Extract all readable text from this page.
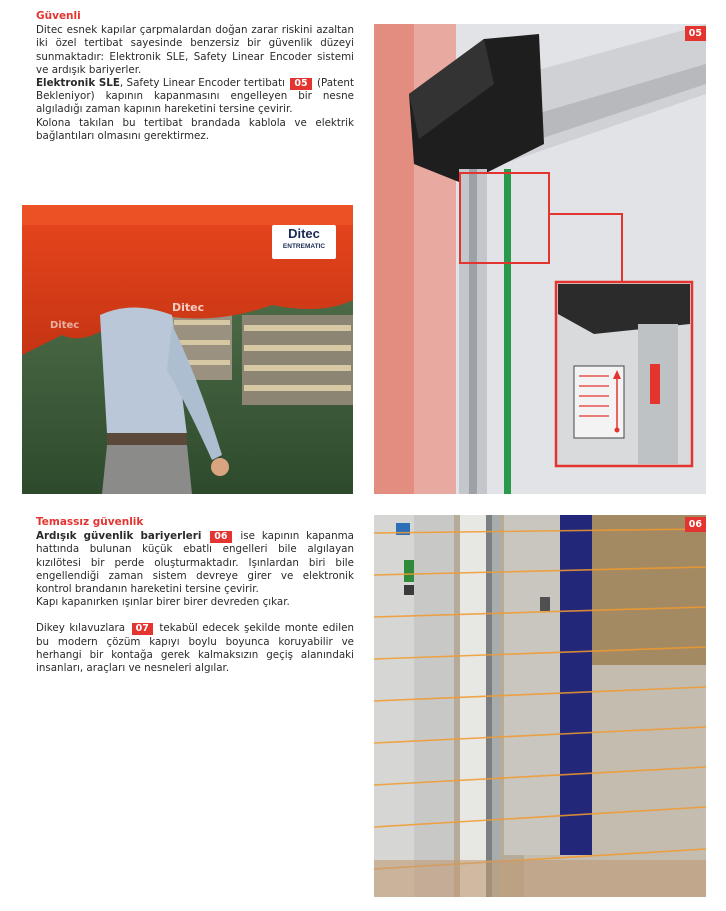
Güvenli

Ditec esnek kapılar çarpmalardan doğan zarar riskini azaltan iki özel tertibat sayesinde benzersiz bir güvenlik düzeyi sunmaktadır: Elektronik SLE, Safety Linear Encoder sistemi ve ardışık bariyerler.

Elektronik SLE, Safety Linear Encoder tertibatı 05 (Patent Bekleniyor) kapının kapanmasını engelleyen bir nesne algıladığı zaman kapının hareketini tersine çevirir.

Kolona takılan bu tertibat brandada kablola ve elektrik bağlantıları olmasını gerektirmez.

Ditec
ENTREMATIC
Ditec
Ditec
05
Temassız güvenlik

Ardışık güvenlik bariyerleri 06 ise kapının kapanma hattında bulunan küçük ebatlı engelleri bile algılayan kızılötesi bir perde oluşturmaktadır. Işınlardan biri bile engellendiği zaman sistem devreye girer ve elektronik kontrol brandanın hareketini tersine çevirir.

Kapı kapanırken ışınlar birer birer devreden çıkar.

Dikey kılavuzlara 07 tekabül edecek şekilde monte edilen bu modern çözüm kapıyı boylu boyunca koruyabilir ve herhangi bir kontağa gerek kalmaksızın geçiş alanındaki insanları, araçları ve nesneleri algılar.

06
